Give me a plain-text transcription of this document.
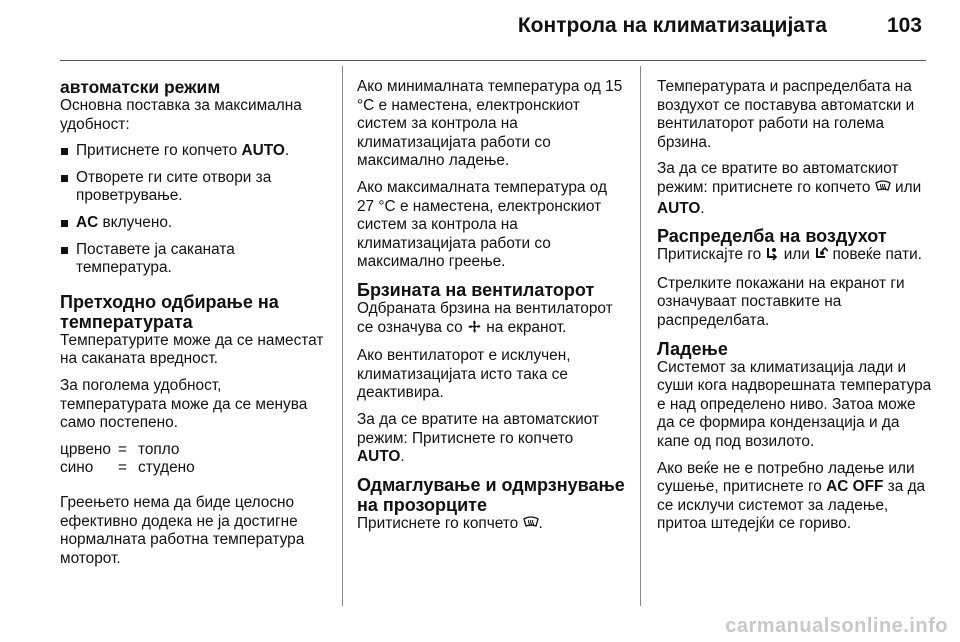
Контрола на климатизацијата	103
автоматски режим

Основна поставка за максимална удобност:

Притиснете го копчето AUTO.

Отворете ги сите отвори за проветрување.

AC вклучено.

Поставете ја саканата температура.

Претходно одбирање на температурата

Температурите може да се наместат на саканата вредност.

За поголема удобност, температурата може да се менува само постепено.

црвено = топло
сино	= студено

Греењето нема да биде целосно ефективно додека не ја достигне нормалната работна температура моторот.

Ако минималната температура од 15 °C е наместена, електронскиот систем за контрола на климатизацијата работи со максимално ладење.

Ако максималната температура од 27 °C е наместена, електронскиот систем за контрола на климатизацијата работи со максимално греење.

Брзината на вентилаторот

Одбраната брзина на вентилаторот се означува со  на екранот.

Ако вентилаторот е исклучен, климатизацијата исто така се деактивира.

За да се вратите на автоматскиот режим: Притиснете го копчето AUTO.

Одмаглување и одмрзнување на прозорците

Притиснете го копчето .

Температурата и распределбата на воздухот се поставува автоматски и вентилаторот работи на голема брзина.

За да се вратите во автоматскиот режим: притиснете го копчето  или AUTO.

Распределба на воздухот

Притискајте го  или  повеќе пати.

Стрелките покажани на екранот ги означуваат поставките на распределбата.

Ладење

Системот за климатизација лади и суши кога надворешната температура е над определено ниво. Затоа може да се формира кондензација и да капе од под возилото.

Ако веќе не е потребно ладење или сушење, притиснете го AC OFF за да се исклучи системот за ладење, притоа штедејќи се гориво.

carmanualsonline.info
